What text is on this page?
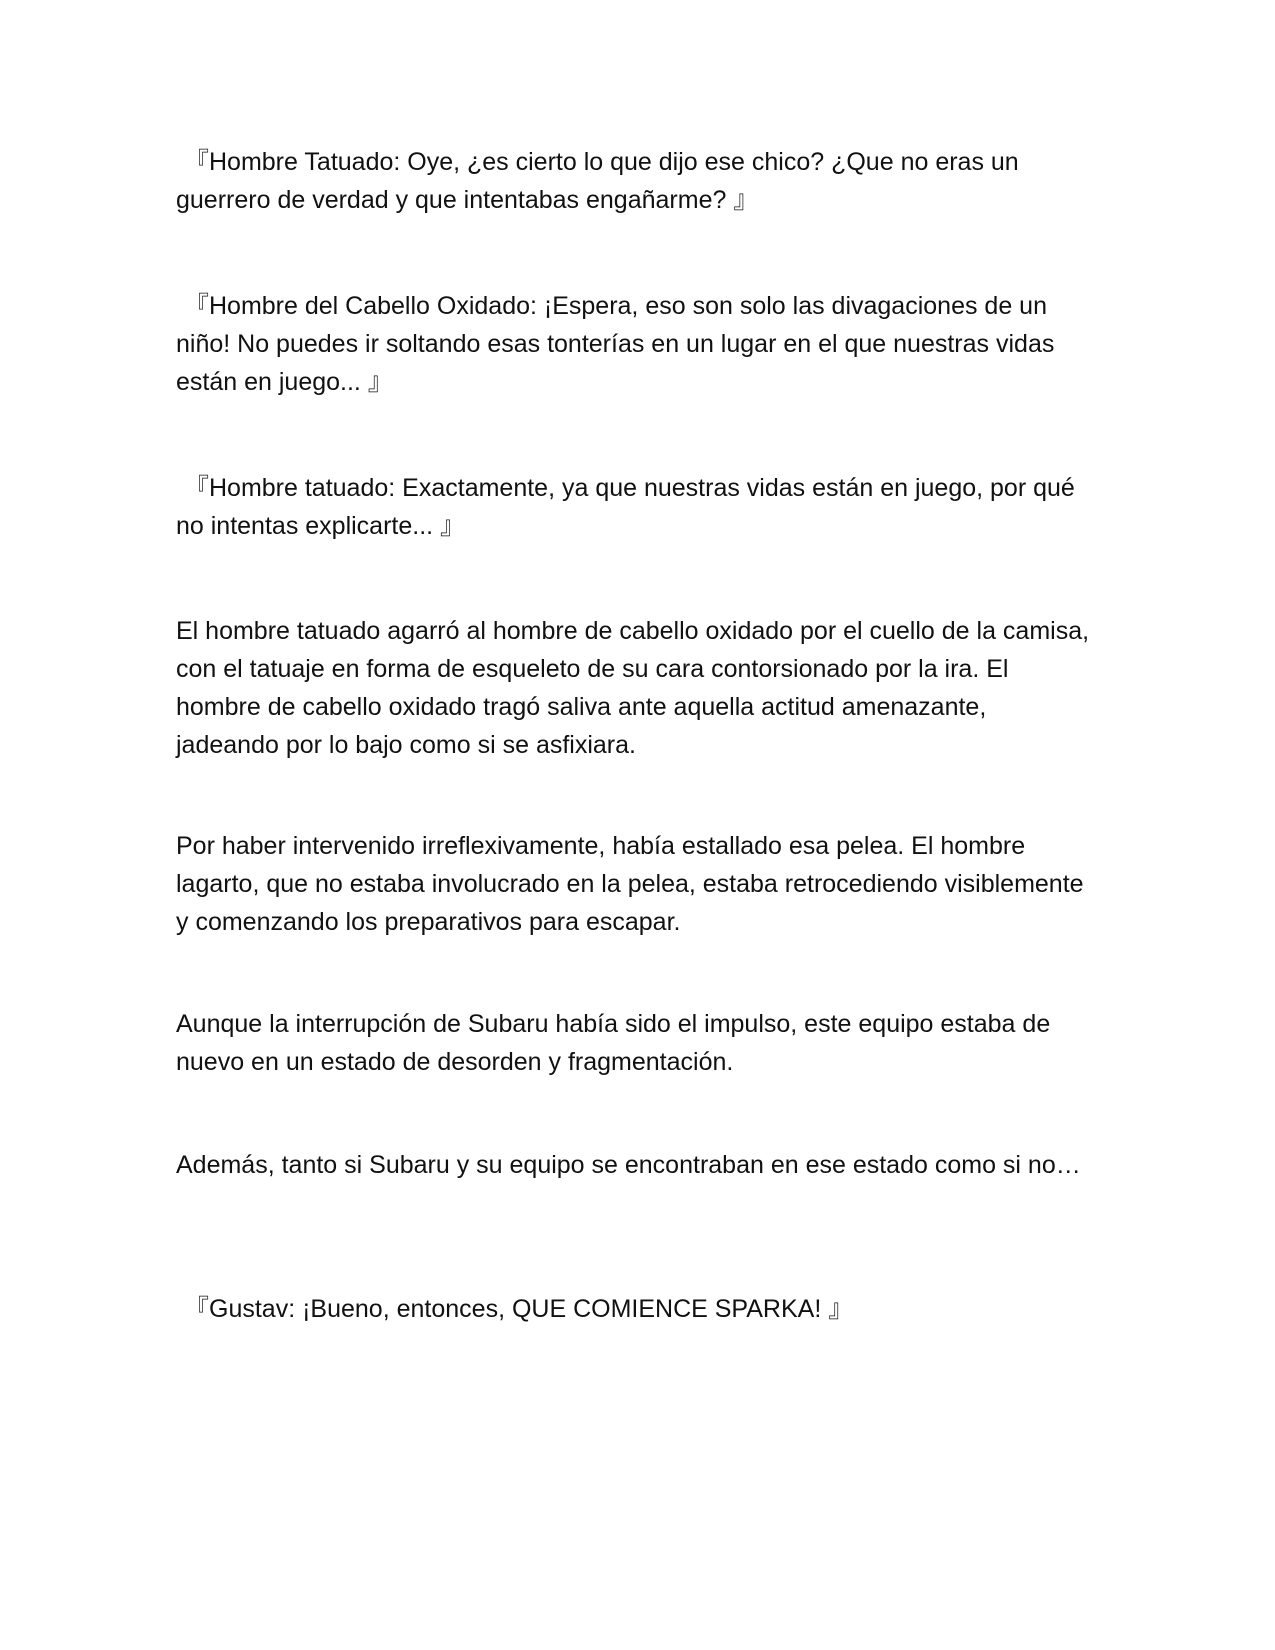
『Hombre Tatuado: Oye, ¿es cierto lo que dijo ese chico? ¿Que no eras un guerrero de verdad y que intentabas engañarme? 』

『Hombre del Cabello Oxidado: ¡Espera, eso son solo las divagaciones de un niño! No puedes ir soltando esas tonterías en un lugar en el que nuestras vidas están en juego... 』

『Hombre tatuado: Exactamente, ya que nuestras vidas están en juego, por qué no intentas explicarte... 』

El hombre tatuado agarró al hombre de cabello oxidado por el cuello de la camisa, con el tatuaje en forma de esqueleto de su cara contorsionado por la ira. El hombre de cabello oxidado tragó saliva ante aquella actitud amenazante, jadeando por lo bajo como si se asfixiara.

Por haber intervenido irreflexivamente, había estallado esa pelea. El hombre lagarto, que no estaba involucrado en la pelea, estaba retrocediendo visiblemente y comenzando los preparativos para escapar.

Aunque la interrupción de Subaru había sido el impulso, este equipo estaba de nuevo en un estado de desorden y fragmentación.

Además, tanto si Subaru y su equipo se encontraban en ese estado como si no…

『Gustav: ¡Bueno, entonces, QUE COMIENCE SPARKA! 』
